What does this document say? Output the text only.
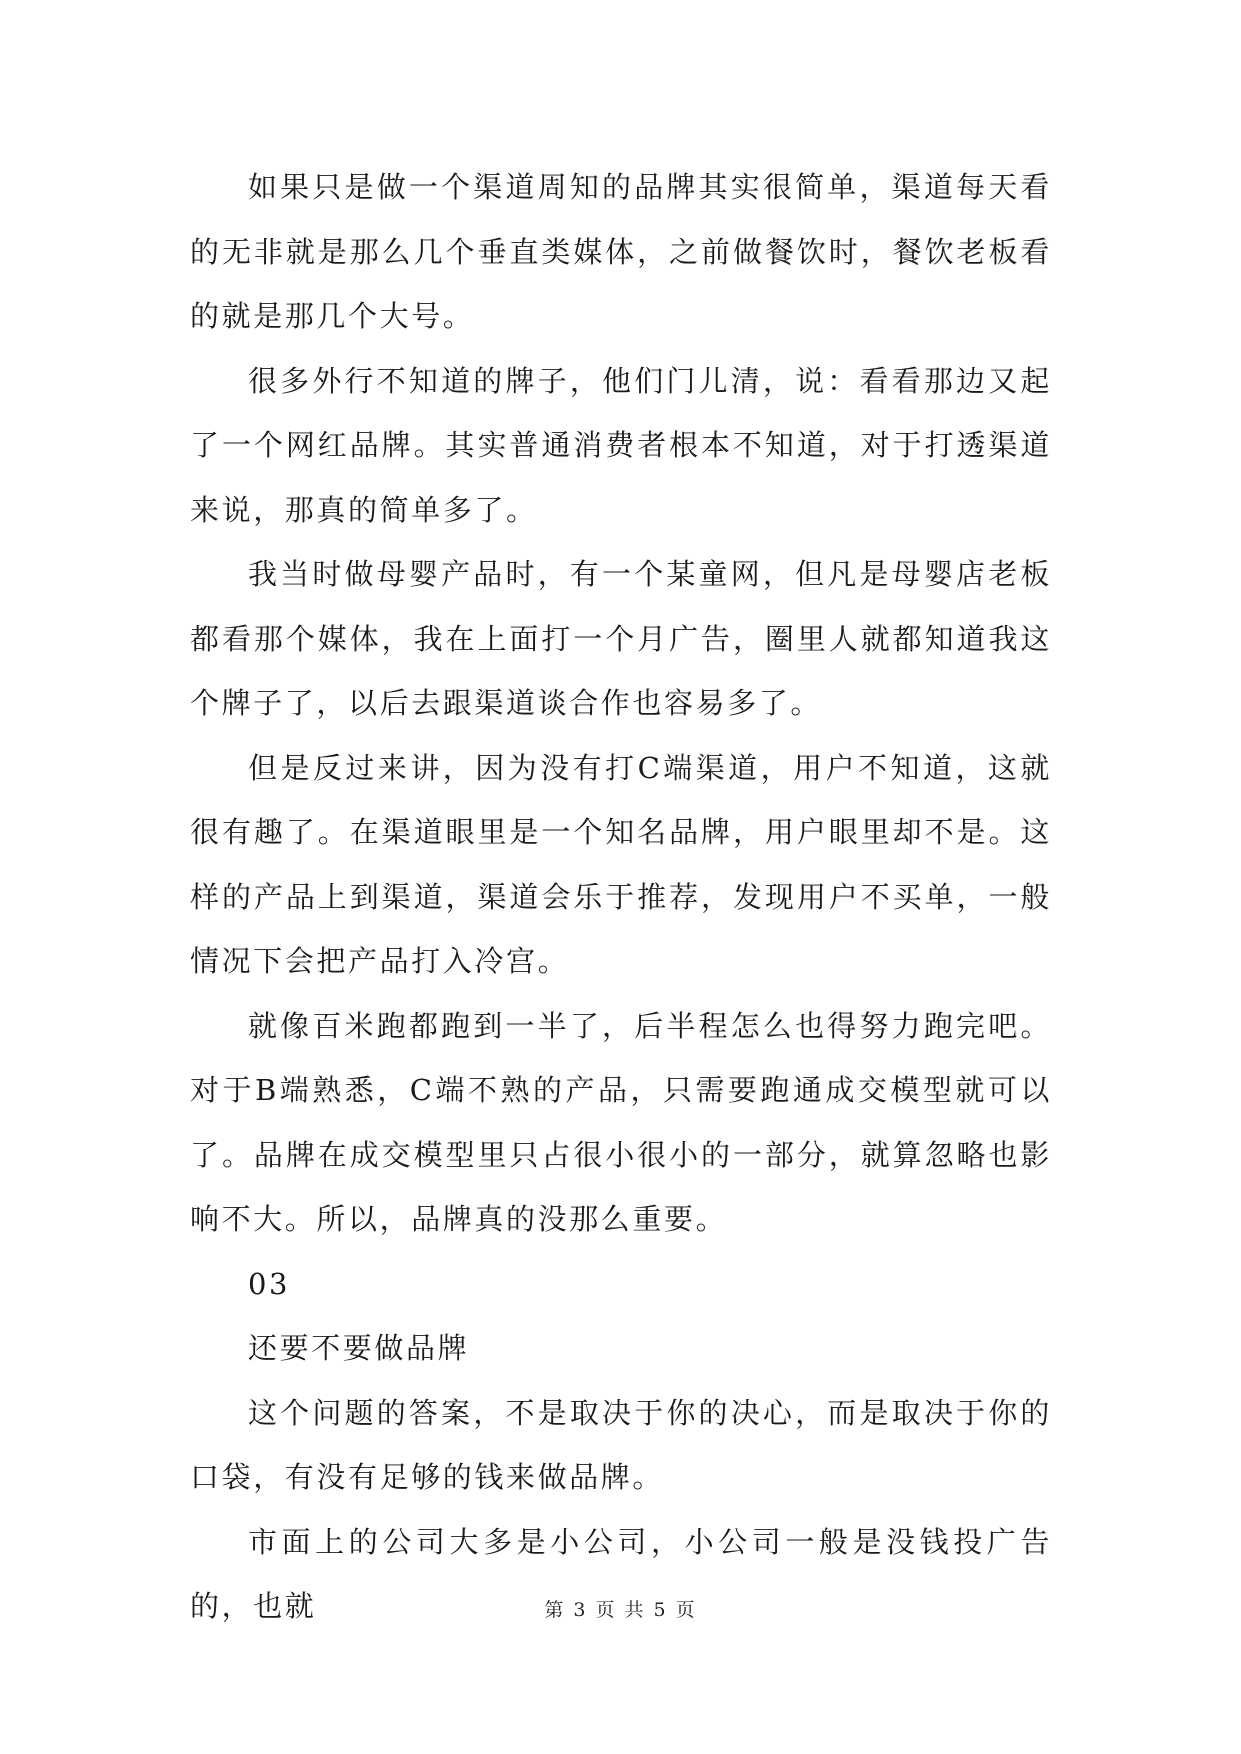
如果只是做一个渠道周知的品牌其实很简单，渠道每天看的无非就是那么几个垂直类媒体，之前做餐饮时，餐饮老板看的就是那几个大号。

很多外行不知道的牌子，他们门儿清，说：看看那边又起了一个网红品牌。其实普通消费者根本不知道，对于打透渠道来说，那真的简单多了。

我当时做母婴产品时，有一个某童网，但凡是母婴店老板都看那个媒体，我在上面打一个月广告，圈里人就都知道我这个牌子了，以后去跟渠道谈合作也容易多了。

但是反过来讲，因为没有打C端渠道，用户不知道，这就很有趣了。在渠道眼里是一个知名品牌，用户眼里却不是。这样的产品上到渠道，渠道会乐于推荐，发现用户不买单，一般情况下会把产品打入冷宫。

就像百米跑都跑到一半了，后半程怎么也得努力跑完吧。对于B端熟悉，C端不熟的产品，只需要跑通成交模型就可以了。品牌在成交模型里只占很小很小的一部分，就算忽略也影响不大。所以，品牌真的没那么重要。

03

还要不要做品牌

这个问题的答案，不是取决于你的决心，而是取决于你的口袋，有没有足够的钱来做品牌。

市面上的公司大多是小公司，小公司一般是没钱投广告的，也就	第 3 页 共 5 页
